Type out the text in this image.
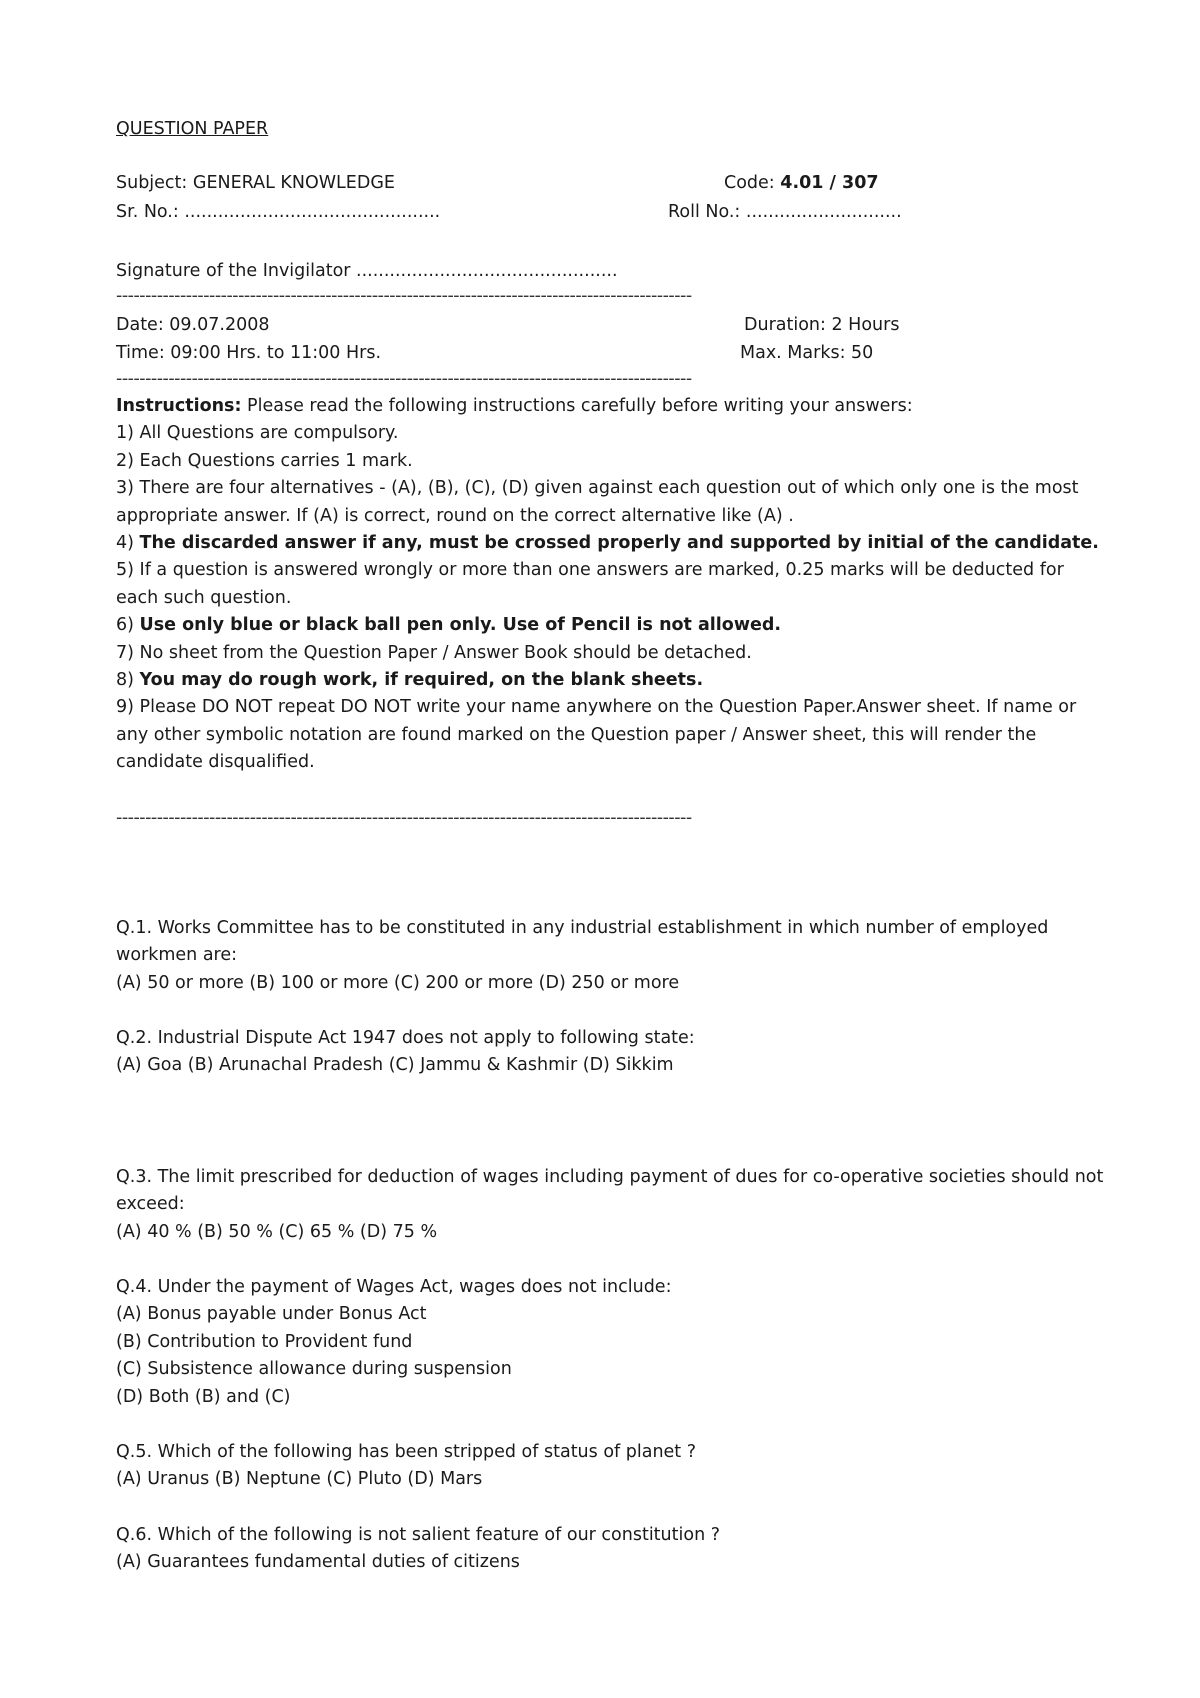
QUESTION PAPER
Subject: GENERAL KNOWLEDGE	Code: 4.01 / 307
Sr. No.: ..............................................	Roll No.: ............................
Signature of the Invigilator ...............................................
---------------------------------------------------------------------------------------------------
Date: 09.07.2008	Duration: 2 Hours
Time: 09:00 Hrs. to 11:00 Hrs.	Max. Marks: 50
---------------------------------------------------------------------------------------------------

Instructions: Please read the following instructions carefully before writing your answers:

1) All Questions are compulsory.

2) Each Questions carries 1 mark.

3) There are four alternatives - (A), (B), (C), (D) given against each question out of which only one is the most appropriate answer. If (A) is correct, round on the correct alternative like (A) .

4) The discarded answer if any, must be crossed properly and supported by initial of the candidate.

5) If a question is answered wrongly or more than one answers are marked, 0.25 marks will be deducted for each such question.

6) Use only blue or black ball pen only. Use of Pencil is not allowed.

7) No sheet from the Question Paper / Answer Book should be detached.

8) You may do rough work, if required, on the blank sheets.

9) Please DO NOT repeat DO NOT write your name anywhere on the Question Paper.Answer sheet. If name or any other symbolic notation are found marked on the Question paper / Answer sheet, this will render the candidate disqualified.

---------------------------------------------------------------------------------------------------

Q.1. Works Committee has to be constituted in any industrial establishment in which number of employed workmen are:

(A) 50 or more (B) 100 or more (C) 200 or more (D) 250 or more

Q.2. Industrial Dispute Act 1947 does not apply to following state:

(A) Goa (B) Arunachal Pradesh (C) Jammu & Kashmir (D) Sikkim

Q.3. The limit prescribed for deduction of wages including payment of dues for co-operative societies should not exceed:

(A) 40 % (B) 50 % (C) 65 % (D) 75 %

Q.4. Under the payment of Wages Act, wages does not include:

(A) Bonus payable under Bonus Act

(B) Contribution to Provident fund

(C) Subsistence allowance during suspension

(D) Both (B) and (C)

Q.5. Which of the following has been stripped of status of planet ?

(A) Uranus (B) Neptune (C) Pluto (D) Mars

Q.6. Which of the following is not salient feature of our constitution ?

(A) Guarantees fundamental duties of citizens
